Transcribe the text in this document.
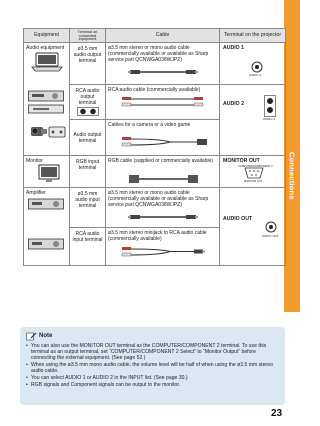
Connections
Equipment	Terminal on connected equipment	Cable	Terminal on the projector

Audio equipment	ø3.5 mm audio output terminal	ø3.5 mm stereo or mono audio cable (commercially available or available as Sharp service part QCNWGA038WJPZ)	AUDIO 1
AUDIO 1

	RCA audio output terminal	RCA audio cable (commercially available)	AUDIO 2
AUDIO 2

	Audio output terminal	Cables for a camera or a video game	

Monitor	RGB input terminal	RGB cable (supplied or commercially available)	MONITOR OUT
COMPUTER/COMPONENT 2
MONITOR OUT

Amplifier	ø3.5 mm audio input terminal	ø3.5 mm stereo or mono audio cable (commercially available or available as Sharp service part QCNWGA038WJPZ)	AUDIO OUT
AUDIO OUT

	RCA audio input terminal	ø3.5 mm stereo minijack to RCA audio cable (commercially available)	
Note
• You can also use the MONITOR OUT terminal as the COMPUTER/COMPONENT 2 terminal. To use this terminal as an output terminal, set “COMPUTER/COMPONENT 2 Select” to “Monitor Output” before connecting the external equipment. (See page 52.)
• When using the ø3.5 mm mono audio cable, the volume level will be half of when using the ø3.5 mm stereo audio cable.
• You can select AUDIO 1 or AUDIO 2 in the INPUT list. (See page 30.)
• RGB signals and Component signals can be output to the monitor.
23
